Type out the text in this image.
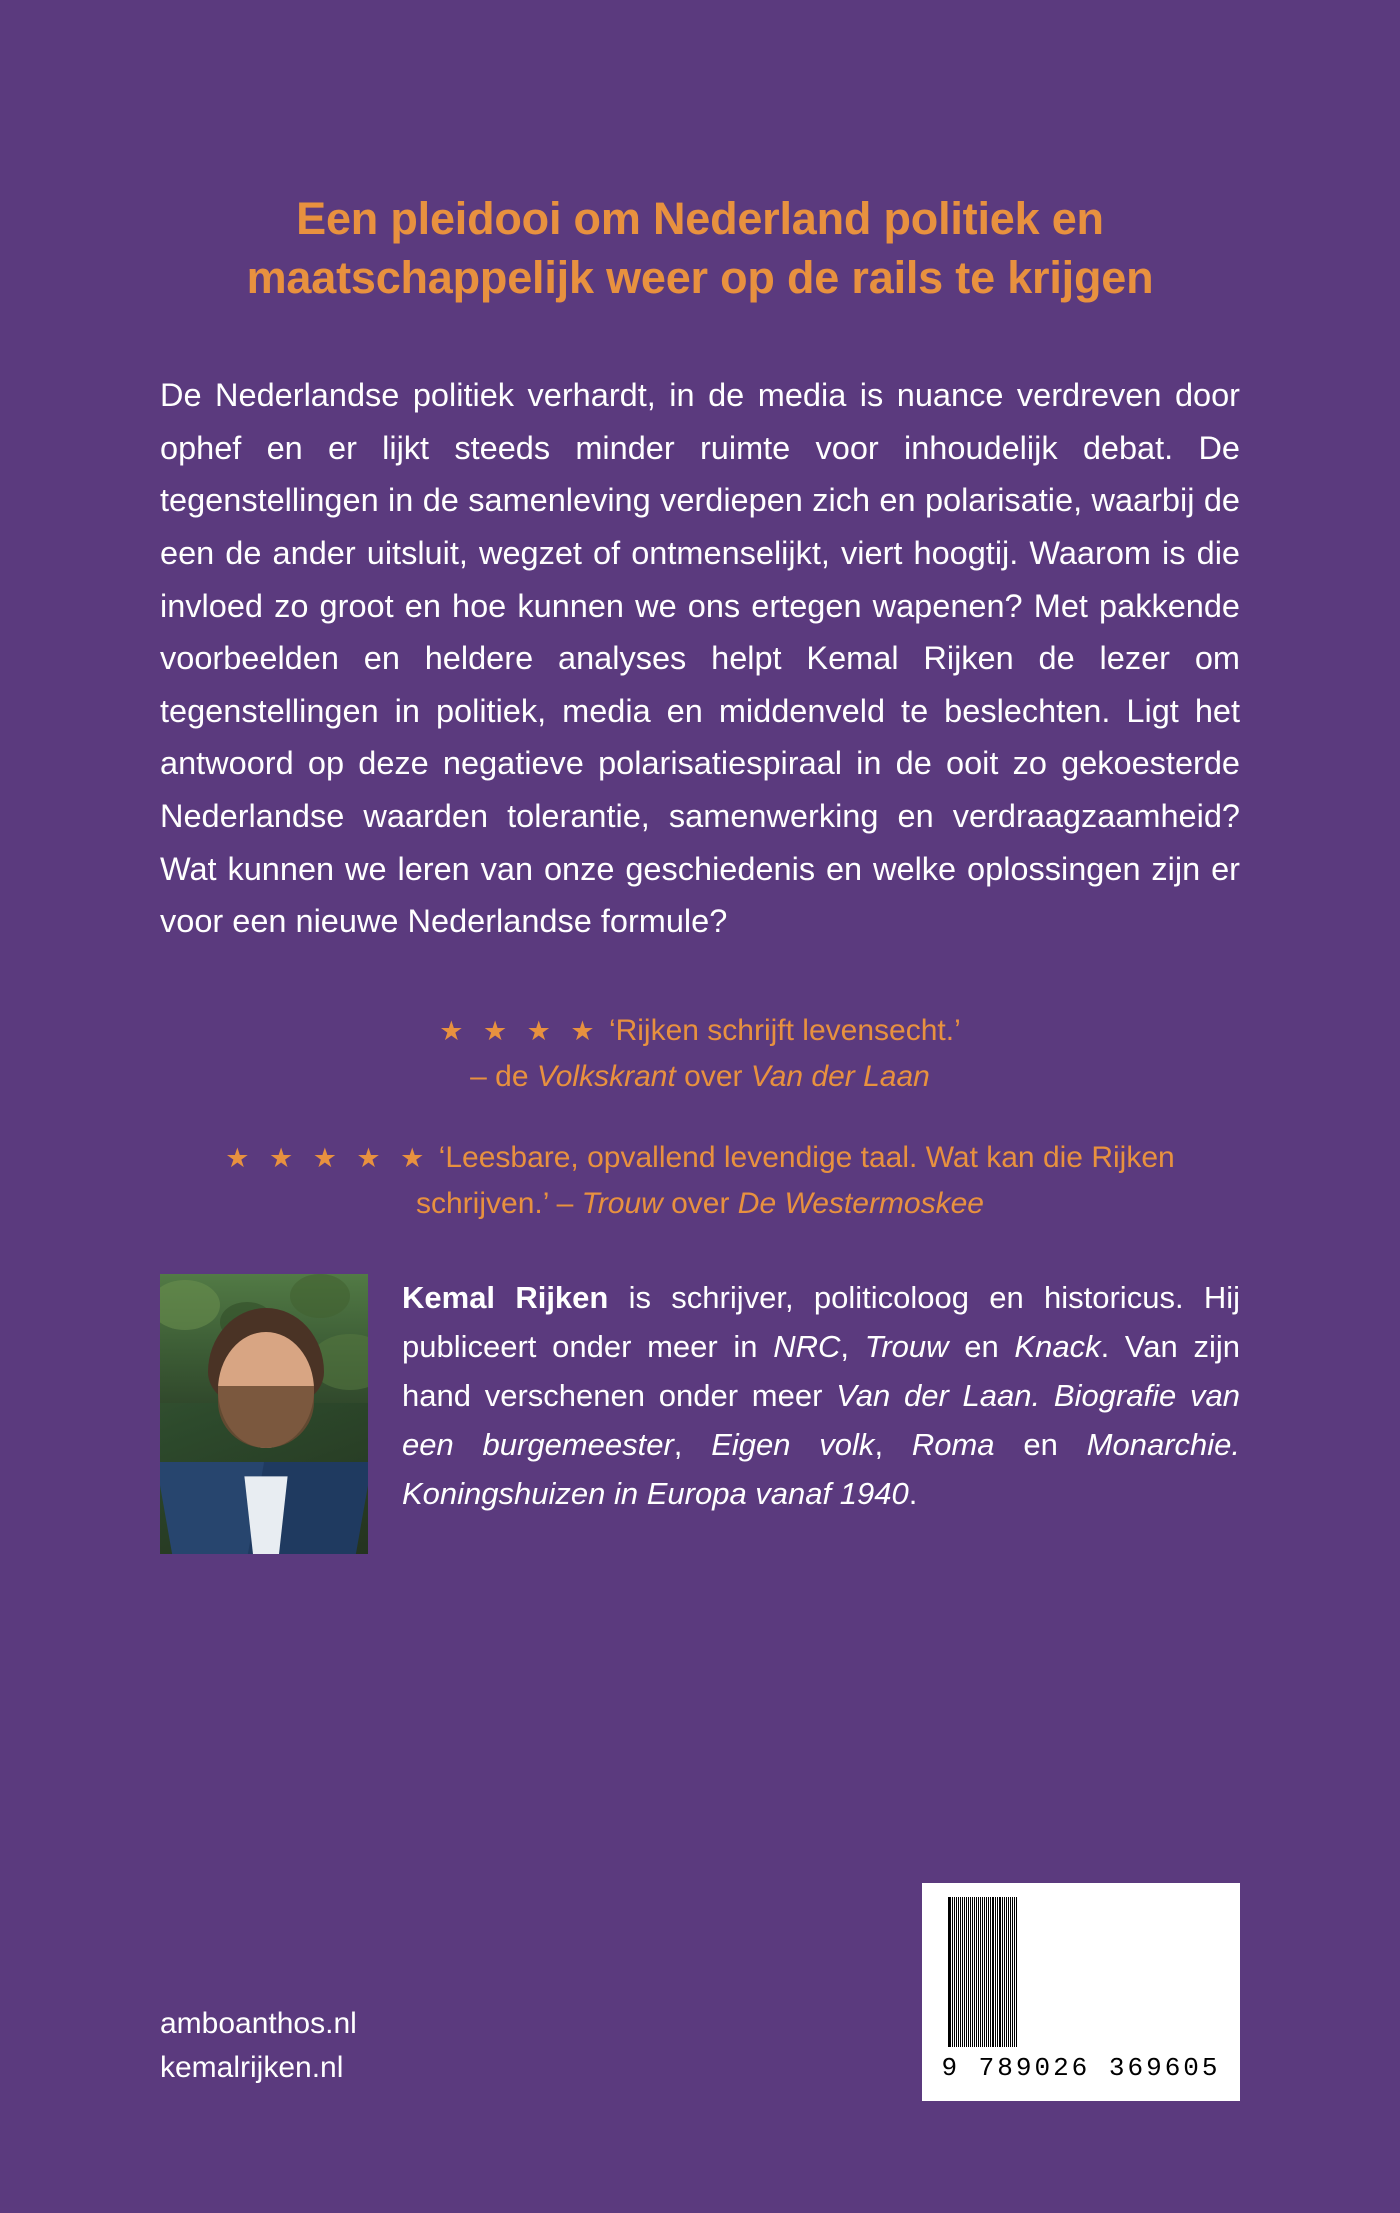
Een pleidooi om Nederland politiek en
maatschappelijk weer op de rails te krijgen
De Nederlandse politiek verhardt, in de media is nuance verdreven door ophef en er lijkt steeds minder ruimte voor inhoudelijk debat. De tegenstellingen in de samenleving verdiepen zich en polarisatie, waarbij de een de ander uitsluit, wegzet of ontmenselijkt, viert hoogtij. Waarom is die invloed zo groot en hoe kunnen we ons ertegen wapenen? Met pakkende voorbeelden en heldere analyses helpt Kemal Rijken de lezer om tegenstellingen in politiek, media en middenveld te beslechten. Ligt het antwoord op deze negatieve polarisatiespiraal in de ooit zo gekoesterde Nederlandse waarden tolerantie, samenwerking en verdraagzaamheid? Wat kunnen we leren van onze geschiedenis en welke oplossingen zijn er voor een nieuwe Nederlandse formule?
★ ★ ★ ★ ‘Rijken schrijft levensecht.’
– de Volkskrant over Van der Laan
★ ★ ★ ★ ★ ‘Leesbare, opvallend levendige taal. Wat kan die Rijken schrijven.’ – Trouw over De Westermoskee
Kemal Rijken is schrijver, politicoloog en historicus. Hij publiceert onder meer in NRC, Trouw en Knack. Van zijn hand verschenen onder meer Van der Laan. Biografie van een burgemeester, Eigen volk, Roma en Monarchie. Koningshuizen in Europa vanaf 1940.
amboanthos.nl
kemalrijken.nl	9 789026 369605
